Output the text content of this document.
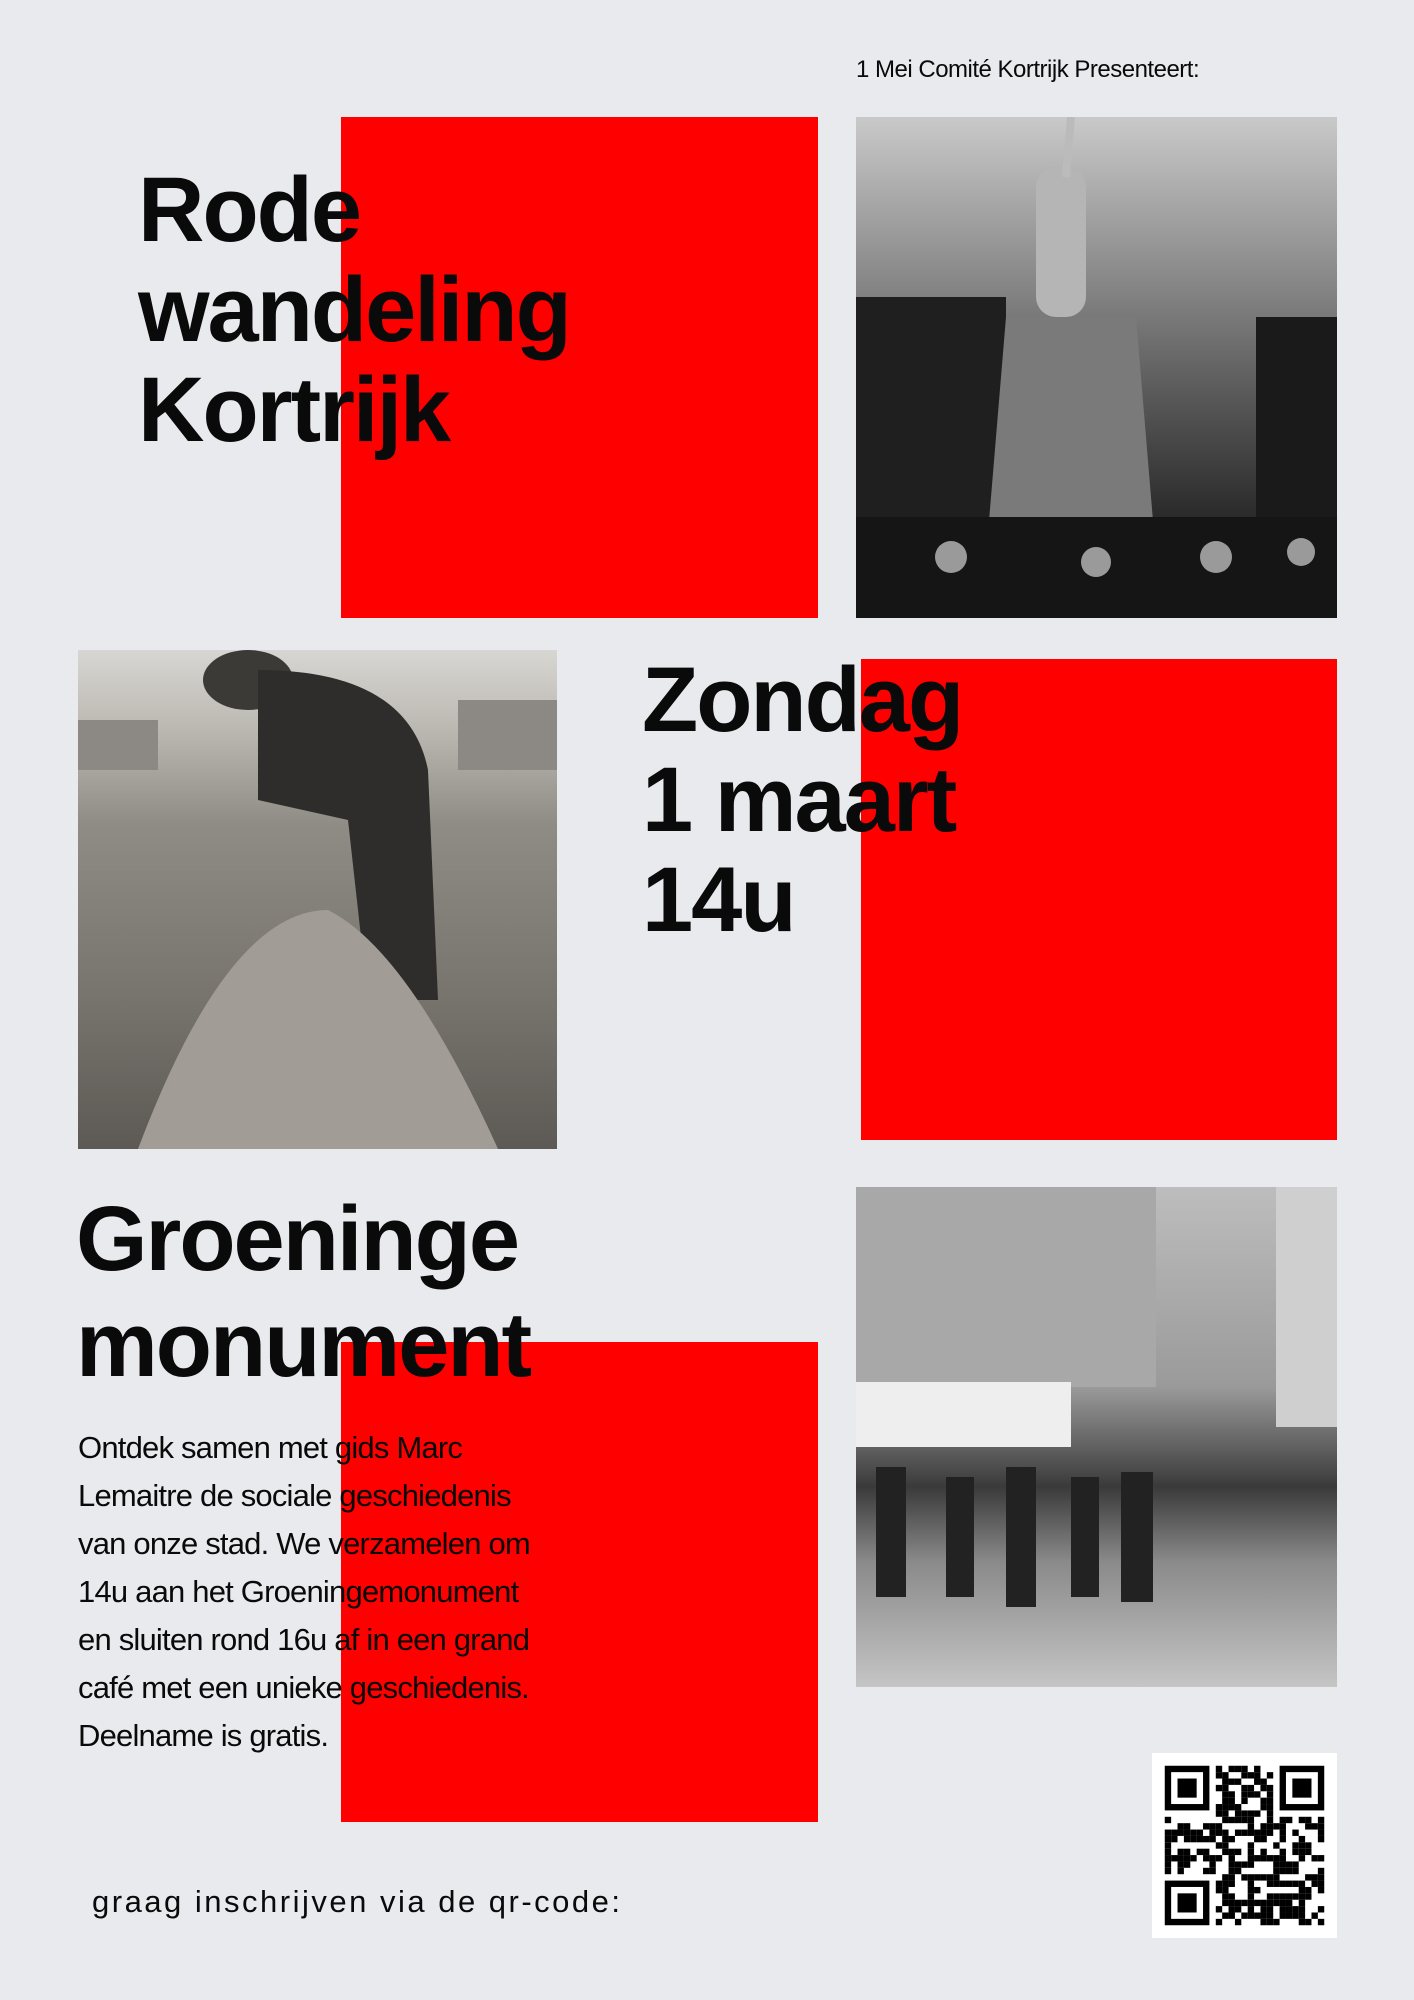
1 Mei Comité Kortrijk Presenteert:
Rode
wandeling
Kortrijk
Zondag
1 maart
14u
Groeninge
monument
Ontdek samen met gids Marc
Lemaitre de sociale geschiedenis
van onze stad. We verzamelen om
14u aan het Groeningemonument
en sluiten rond 16u af in een grand
café met een unieke geschiedenis.
Deelname is gratis.
graag inschrijven via de qr-code:
